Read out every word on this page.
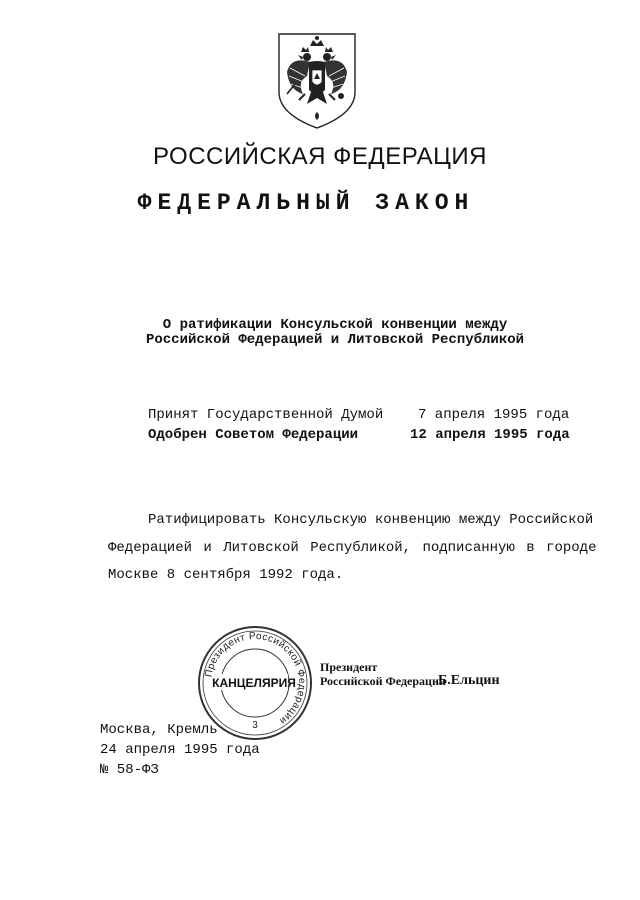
РОССИЙСКАЯ ФЕДЕРАЦИЯ
ФЕДЕРАЛЬНЫЙ ЗАКОН
О ратификации Консульской конвенции между
Российской Федерацией и Литовской Республикой
Принят Государственной Думой 7 апреля 1995 года
Одобрен Советом Федерации	12 апреля 1995 года
Ратифицировать Консульскую конвенцию между Российской
Федерацией и Литовской Республикой, подписанную в городе
Москве 8 сентября 1992 года.
Президент Российской Федерации
КАНЦЕЛЯРИЯ
3
Президент
Российской Федерации
Б.Ельцин
Москва, Кремль
24 апреля 1995 года
№ 58-ФЗ
